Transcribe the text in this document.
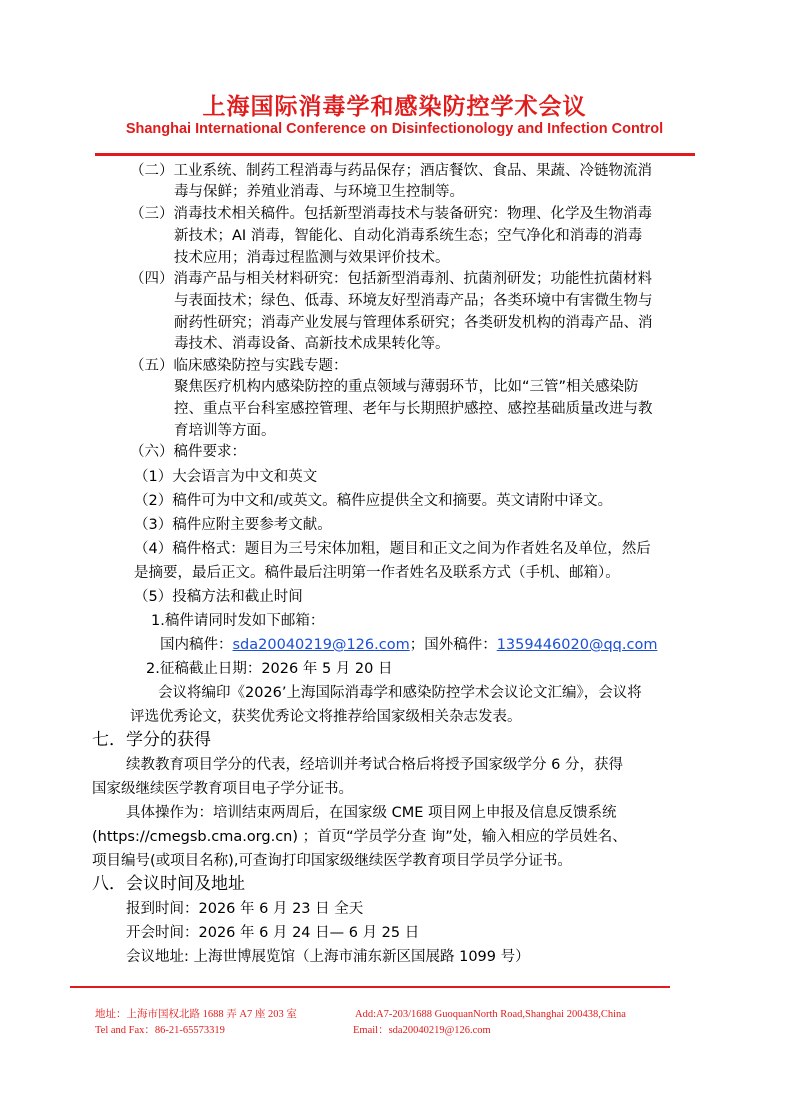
上海国际消毒学和感染防控学术会议
Shanghai International Conference on Disinfectionology and Infection Control
（二）工业系统、制药工程消毒与药品保存；酒店餐饮、食品、果蔬、冷链物流消
毒与保鲜；养殖业消毒、与环境卫生控制等。
（三）消毒技术相关稿件。包括新型消毒技术与装备研究：物理、化学及生物消毒
新技术；AI 消毒，智能化、自动化消毒系统生态；空气净化和消毒的消毒
技术应用；消毒过程监测与效果评价技术。
（四）消毒产品与相关材料研究：包括新型消毒剂、抗菌剂研发；功能性抗菌材料
与表面技术；绿色、低毒、环境友好型消毒产品；各类环境中有害微生物与
耐药性研究；消毒产业发展与管理体系研究；各类研发机构的消毒产品、消
毒技术、消毒设备、高新技术成果转化等。
（五）临床感染防控与实践专题：
聚焦医疗机构内感染防控的重点领域与薄弱环节，比如“三管”相关感染防
控、重点平台科室感控管理、老年与长期照护感控、感控基础质量改进与教
育培训等方面。
（六）稿件要求：
（1）大会语言为中文和英文
（2）稿件可为中文和/或英文。稿件应提供全文和摘要。英文请附中译文。
（3）稿件应附主要参考文献。
（4）稿件格式：题目为三号宋体加粗，题目和正文之间为作者姓名及单位，然后
是摘要，最后正文。稿件最后注明第一作者姓名及联系方式（手机、邮箱）。
（5）投稿方法和截止时间
1.稿件请同时发如下邮箱：
国内稿件：sda20040219@126.com；国外稿件：1359446020@qq.com
2.征稿截止日期：2026 年 5 月 20 日
会议将编印《2026’上海国际消毒学和感染防控学术会议论文汇编》，会议将
评选优秀论文，获奖优秀论文将推荐给国家级相关杂志发表。
七．学分的获得
续教教育项目学分的代表，经培训并考试合格后将授予国家级学分 6 分，获得
国家级继续医学教育项目电子学分证书。
具体操作为：培训结束两周后，在国家级 CME 项目网上申报及信息反馈系统
(https://cmegsb.cma.org.cn) ；首页“学员学分查 询”处，输入相应的学员姓名、
项目编号(或项目名称),可查询打印国家级继续医学教育项目学员学分证书。
八．会议时间及地址
报到时间：2026 年 6 月 23 日 全天
开会时间：2026 年 6 月 24 日— 6 月 25 日
会议地址: 上海世博展览馆（上海市浦东新区国展路 1099 号）
地址：上海市国权北路 1688 弄 A7 座 203 室	Add:A7-203/1688 GuoquanNorth Road,Shanghai 200438,China
Tel and Fax：86-21-65573319	Email：sda20040219@126.com
